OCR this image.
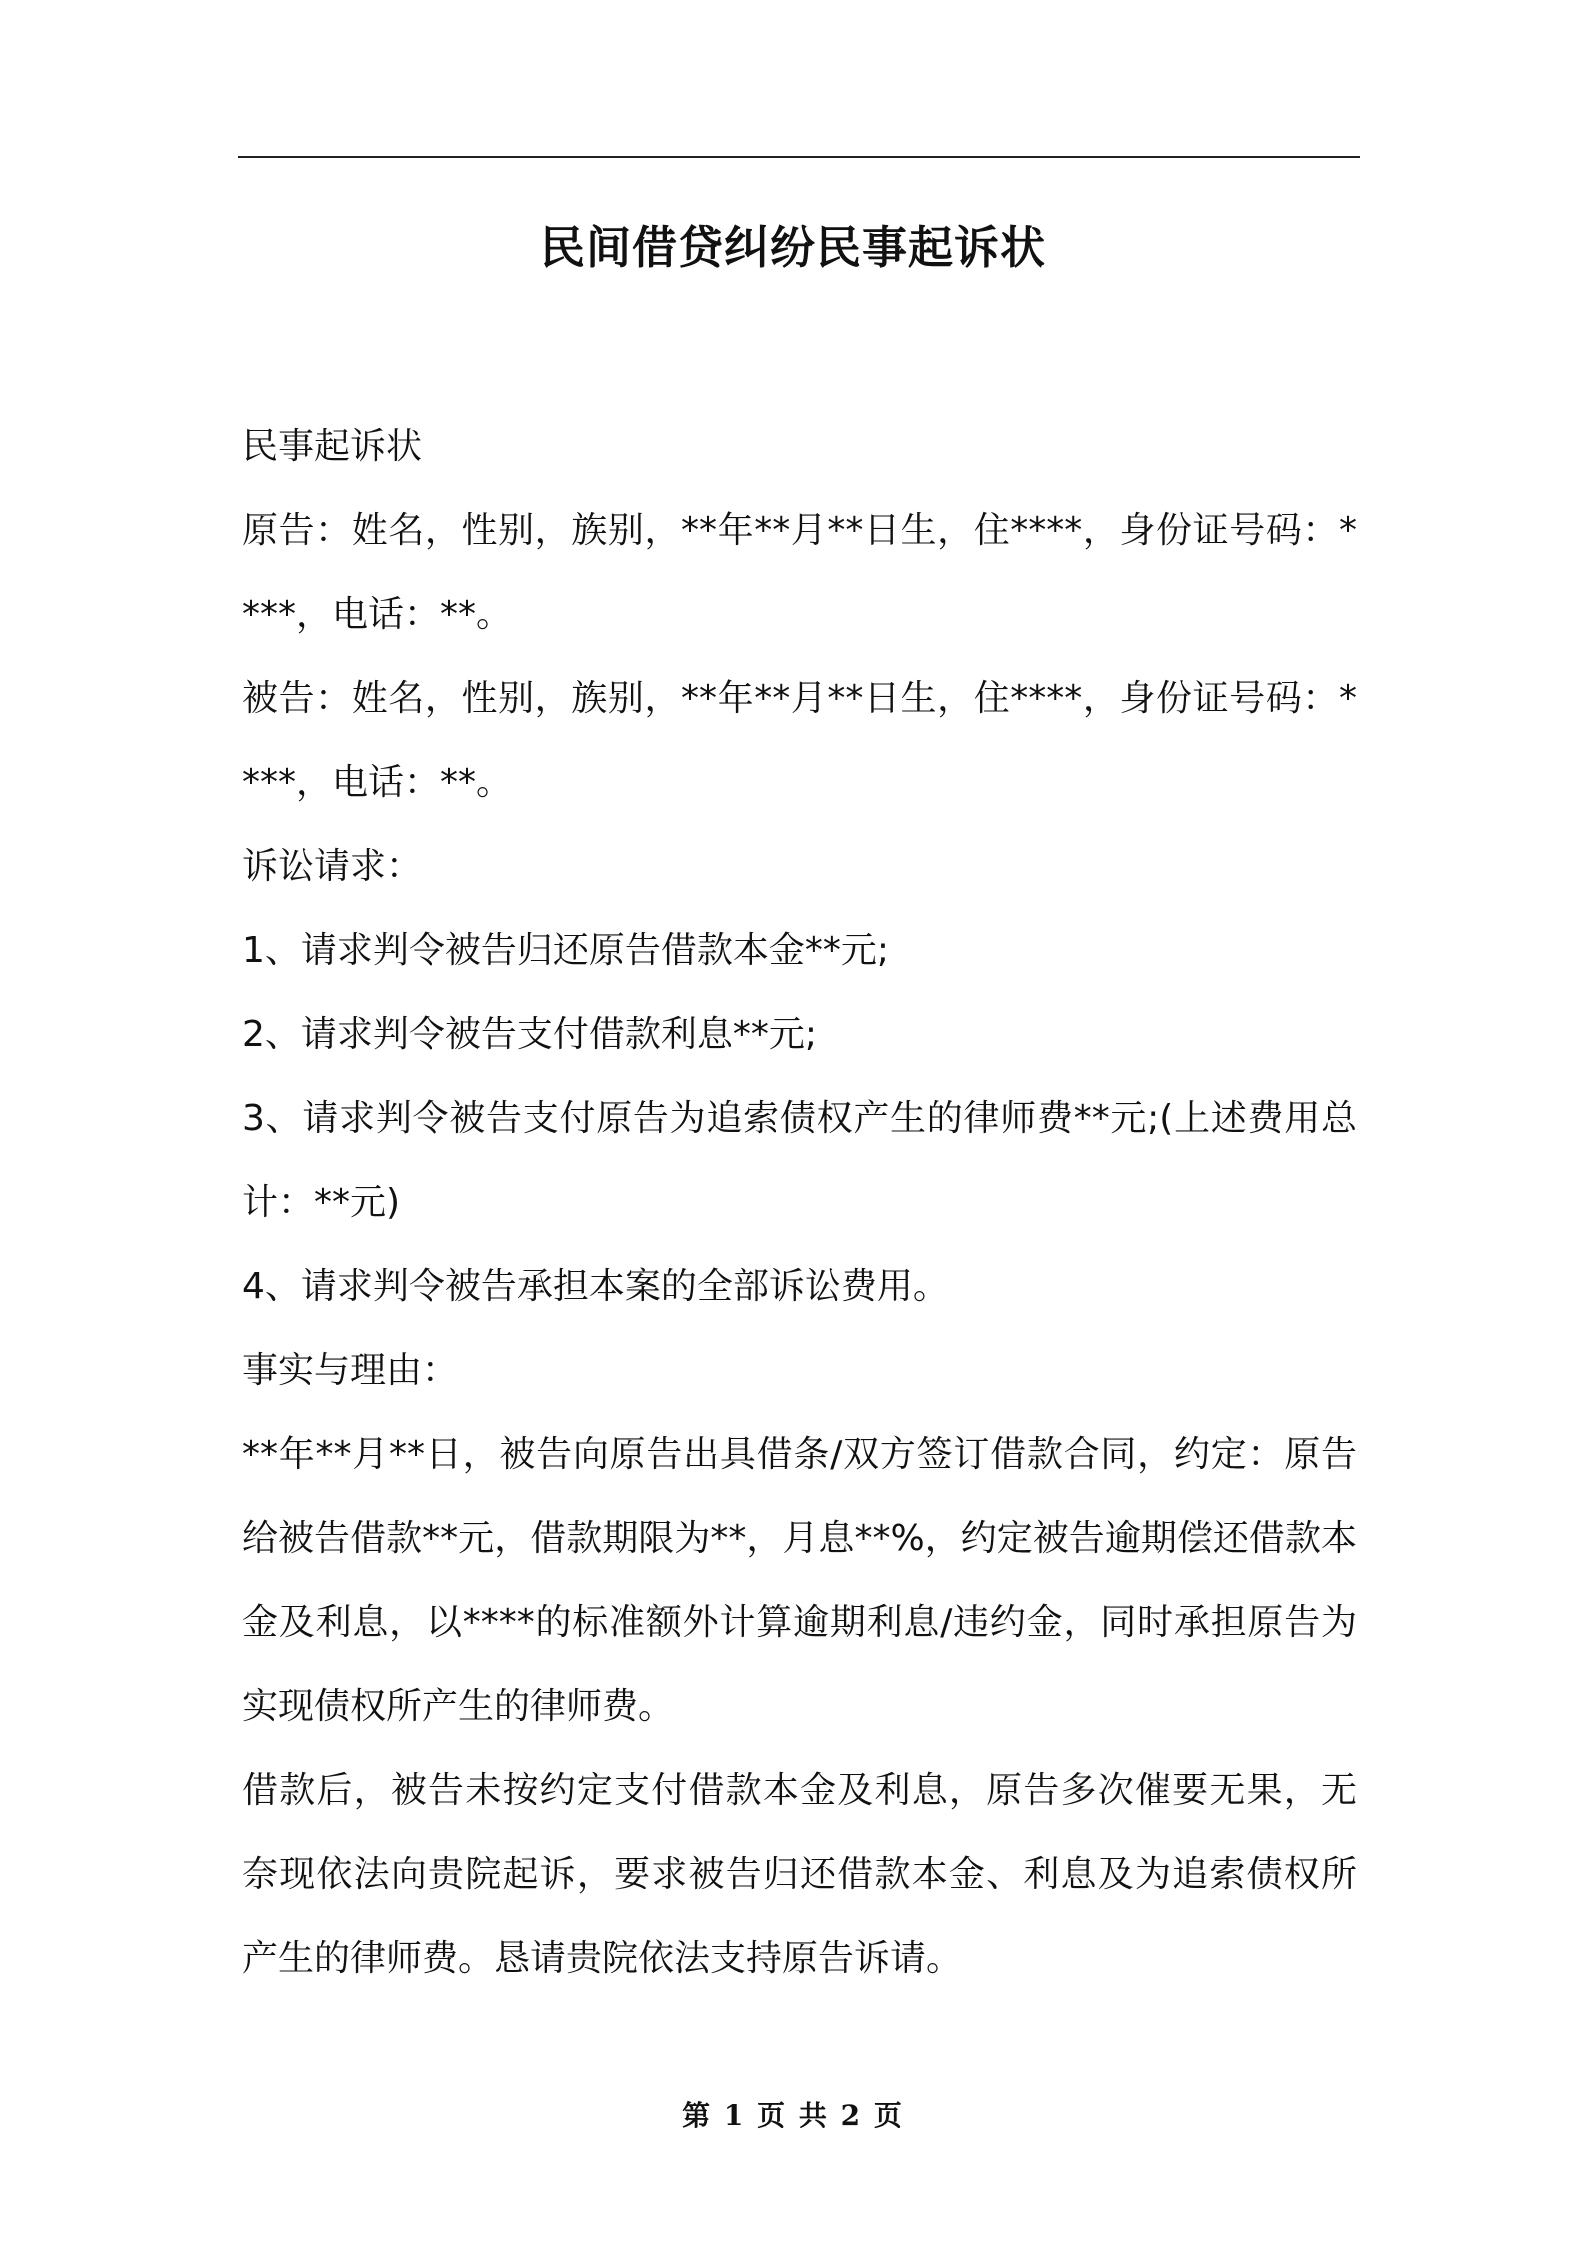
民间借贷纠纷民事起诉状

民事起诉状

原告：姓名，性别，族别，**年**月**日生，住****，身份证号码：****，电话：**。

被告：姓名，性别，族别，**年**月**日生，住****，身份证号码：****，电话：**。

诉讼请求：

1、请求判令被告归还原告借款本金**元;

2、请求判令被告支付借款利息**元;

3、请求判令被告支付原告为追索债权产生的律师费**元;(上述费用总计：**元)

4、请求判令被告承担本案的全部诉讼费用。

事实与理由：

**年**月**日，被告向原告出具借条/双方签订借款合同，约定：原告给被告借款**元，借款期限为**，月息**%，约定被告逾期偿还借款本金及利息，以****的标准额外计算逾期利息/违约金，同时承担原告为实现债权所产生的律师费。

借款后，被告未按约定支付借款本金及利息，原告多次催要无果，无奈现依法向贵院起诉，要求被告归还借款本金、利息及为追索债权所产生的律师费。恳请贵院依法支持原告诉请。

第 1 页 共 2 页
